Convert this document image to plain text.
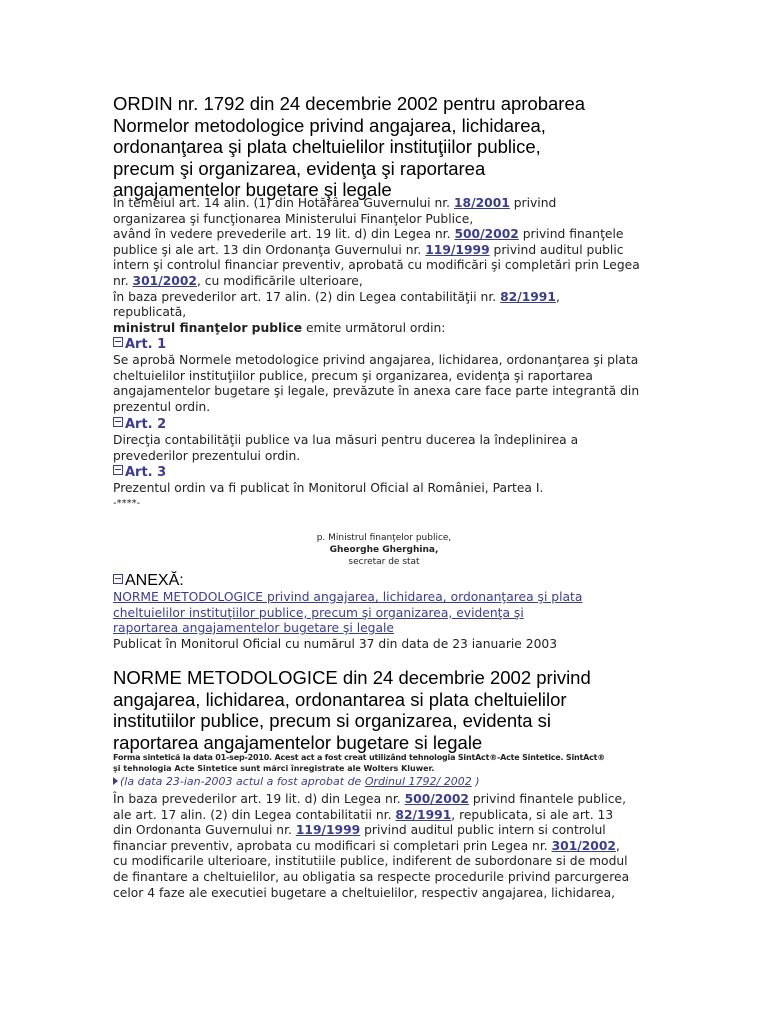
ORDIN nr. 1792 din 24 decembrie 2002 pentru aprobarea
Normelor metodologice privind angajarea, lichidarea,
ordonanţarea şi plata cheltuielilor instituţiilor publice,
precum şi organizarea, evidenţa şi raportarea
angajamentelor bugetare şi legale
În temeiul art. 14 alin. (1) din Hotărârea Guvernului nr. 18/2001 privind
organizarea şi funcţionarea Ministerului Finanţelor Publice,
având în vedere prevederile art. 19 lit. d) din Legea nr. 500/2002 privind finanţele
publice şi ale art. 13 din Ordonanţa Guvernului nr. 119/1999 privind auditul public
intern şi controlul financiar preventiv, aprobată cu modificări şi completări prin Legea
nr. 301/2002, cu modificările ulterioare,
în baza prevederilor art. 17 alin. (2) din Legea contabilităţii nr. 82/1991,
republicată,
ministrul finanţelor publice emite următorul ordin:
Art. 1
Se aprobă Normele metodologice privind angajarea, lichidarea, ordonanţarea şi plata
cheltuielilor instituţiilor publice, precum şi organizarea, evidenţa şi raportarea
angajamentelor bugetare şi legale, prevăzute în anexa care face parte integrantă din
prezentul ordin.
Art. 2
Direcţia contabilităţii publice va lua măsuri pentru ducerea la îndeplinirea a
prevederilor prezentului ordin.
Art. 3
Prezentul ordin va fi publicat în Monitorul Oficial al României, Partea I.
-****-
p. Ministrul finanţelor publice,
Gheorghe Gherghina,
secretar de stat
ANEXĂ:
NORME METODOLOGICE privind angajarea, lichidarea, ordonanţarea şi plata
cheltuielilor instituţiilor publice, precum şi organizarea, evidenţa şi
raportarea angajamentelor bugetare şi legale
Publicat în Monitorul Oficial cu numărul 37 din data de 23 ianuarie 2003
NORME METODOLOGICE din 24 decembrie 2002 privind
angajarea, lichidarea, ordonantarea si plata cheltuielilor
institutiilor publice, precum si organizarea, evidenta si
raportarea angajamentelor bugetare si legale
Forma sintetică la data 01-sep-2010. Acest act a fost creat utilizând tehnologia SintAct®-Acte Sintetice. SintAct®
şi tehnologia Acte Sintetice sunt mărci înregistrate ale Wolters Kluwer.
(la data 23-ian-2003 actul a fost aprobat de Ordinul 1792/ 2002 )
În baza prevederilor art. 19 lit. d) din Legea nr. 500/2002 privind finantele publice,
ale art. 17 alin. (2) din Legea contabilitatii nr. 82/1991, republicata, si ale art. 13
din Ordonanta Guvernului nr. 119/1999 privind auditul public intern si controlul
financiar preventiv, aprobata cu modificari si completari prin Legea nr. 301/2002,
cu modificarile ulterioare, institutiile publice, indiferent de subordonare si de modul
de finantare a cheltuielilor, au obligatia sa respecte procedurile privind parcurgerea
celor 4 faze ale executiei bugetare a cheltuielilor, respectiv angajarea, lichidarea,
